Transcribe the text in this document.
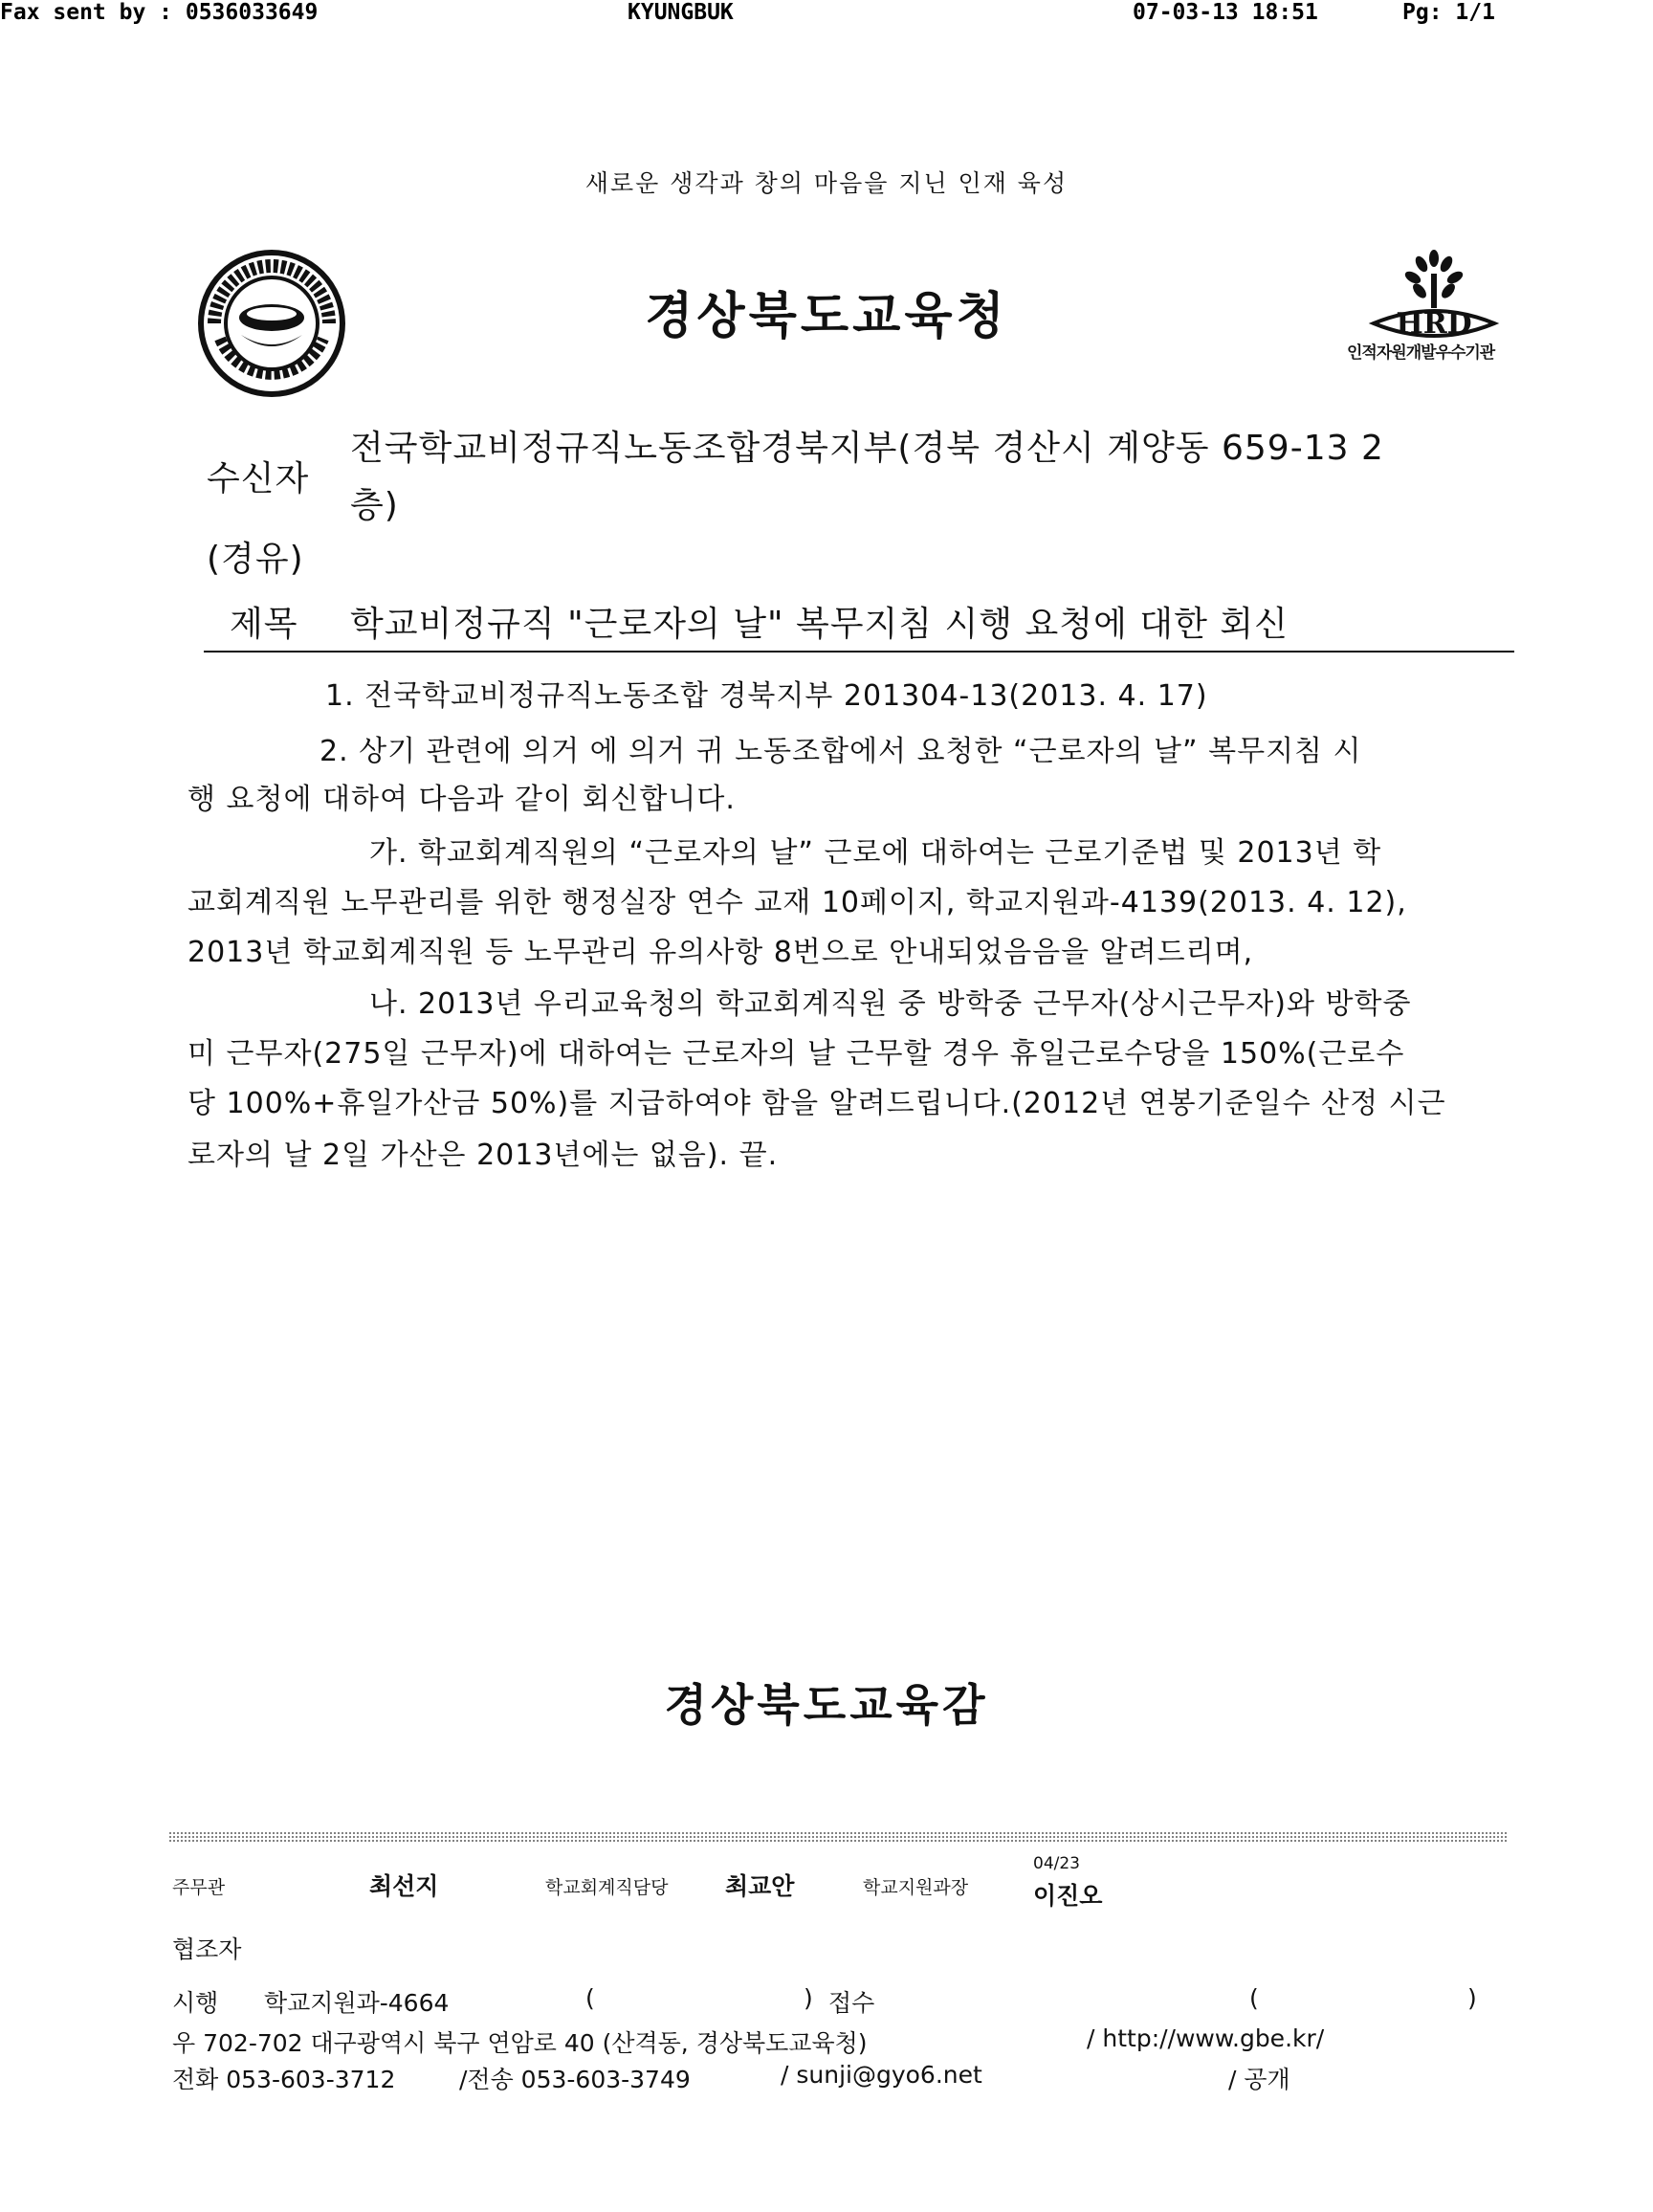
Fax sent by : 0536033649	KYUNGBUK	07-03-13 18:51	Pg: 1/1
새로운 생각과 창의 마음을 지닌 인재 육성
경상북도교육청	HRD
인적자원개발우수기관
수신자
전국학교비정규직노동조합경북지부(경북 경산시 계양동 659-13 2
층)
(경유)
제목 학교비정규직 "근로자의 날" 복무지침 시행 요청에 대한 회신
1. 전국학교비정규직노동조합 경북지부 201304-13(2013. 4. 17)
2. 상기 관련에 의거 에 의거 귀 노동조합에서 요청한 “근로자의 날” 복무지침 시
행 요청에 대하여 다음과 같이 회신합니다.
가. 학교회계직원의 “근로자의 날” 근로에 대하여는 근로기준법 및 2013년 학
교회계직원 노무관리를 위한 행정실장 연수 교재 10페이지, 학교지원과-4139(2013. 4. 12),
2013년 학교회계직원 등 노무관리 유의사항 8번으로 안내되었음음을 알려드리며,
나. 2013년 우리교육청의 학교회계직원 중 방학중 근무자(상시근무자)와 방학중
미 근무자(275일 근무자)에 대하여는 근로자의 날 근무할 경우 휴일근로수당을 150%(근로수
당 100%+휴일가산금 50%)를 지급하여야 함을 알려드립니다.(2012년 연봉기준일수 산정 시근
로자의 날 2일 가산은 2013년에는 없음). 끝.
경상북도교육감
주무관	최선지	학교회계직담당 최교안	학교지원과장
04/23
이진오
협조자
시행 학교지원과-4664	(	) 접수	(	)
우 702-702 대구광역시 북구 연암로 40 (산격동, 경상북도교육청)	/ http://www.gbe.kr/
전화 053-603-3712	/전송 053-603-3749	/ sunji@gyo6.net	/ 공개
